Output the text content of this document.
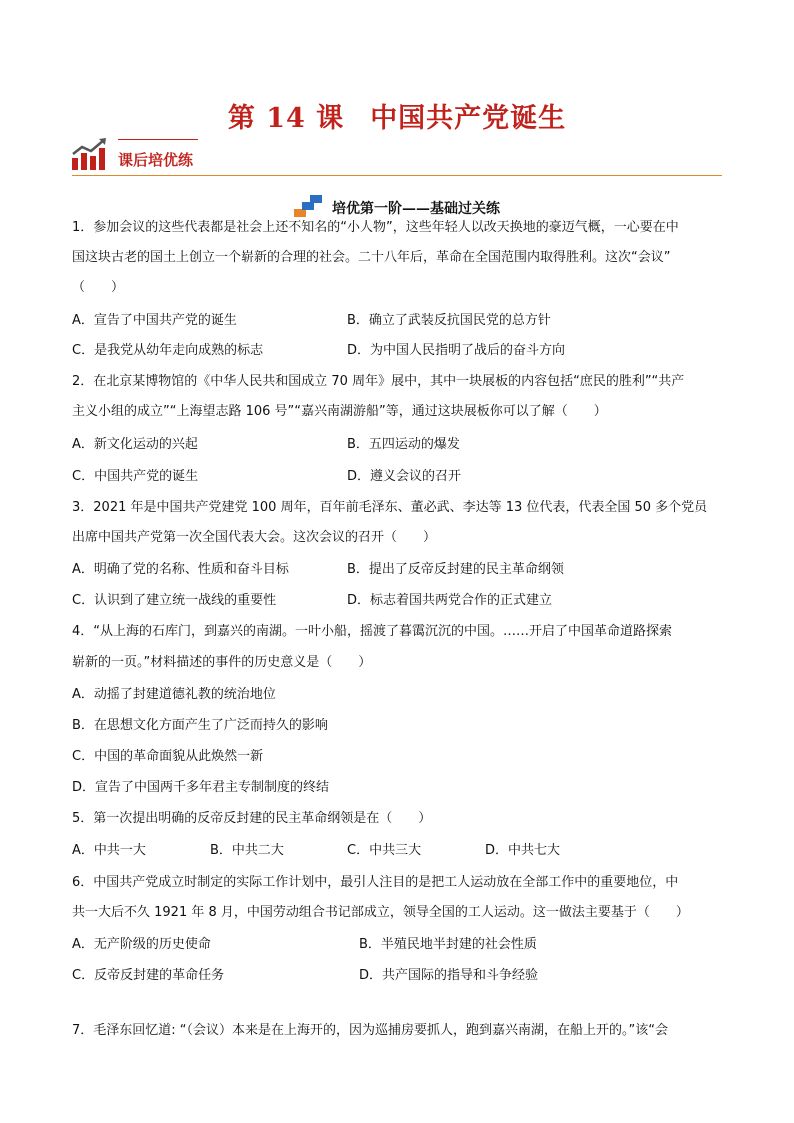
第 14 课 中国共产党诞生
课后培优练
培优第一阶——基础过关练
1．参加会议的这些代表都是社会上还不知名的“小人物”，这些年轻人以改天换地的豪迈气概，一心要在中
国这块古老的国土上创立一个崭新的合理的社会。二十八年后，革命在全国范围内取得胜利。这次“会议”
（　　）
A．宣告了中国共产党的诞生	B．确立了武装反抗国民党的总方针
C．是我党从幼年走向成熟的标志	D．为中国人民指明了战后的奋斗方向
2．在北京某博物馆的《中华人民共和国成立 70 周年》展中，其中一块展板的内容包括“庶民的胜利”“共产
主义小组的成立”“上海望志路 106 号”“嘉兴南湖游船”等，通过这块展板你可以了解（　　）
A．新文化运动的兴起	B．五四运动的爆发
C．中国共产党的诞生	D．遵义会议的召开
3．2021 年是中国共产党建党 100 周年，百年前毛泽东、董必武、李达等 13 位代表，代表全国 50 多个党员
出席中国共产党第一次全国代表大会。这次会议的召开（　　）
A．明确了党的名称、性质和奋斗目标	B．提出了反帝反封建的民主革命纲领
C．认识到了建立统一战线的重要性	D．标志着国共两党合作的正式建立
4．“从上海的石库门，到嘉兴的南湖。一叶小船，摇渡了暮霭沉沉的中国。……开启了中国革命道路探索
崭新的一页。”材料描述的事件的历史意义是（　　）
A．动摇了封建道德礼教的统治地位
B．在思想文化方面产生了广泛而持久的影响
C．中国的革命面貌从此焕然一新
D．宣告了中国两千多年君主专制制度的终结
5．第一次提出明确的反帝反封建的民主革命纲领是在（　　）
A．中共一大	B．中共二大	C．中共三大	D．中共七大
6．中国共产党成立时制定的实际工作计划中，最引人注目的是把工人运动放在全部工作中的重要地位，中
共一大后不久 1921 年 8 月，中国劳动组合书记部成立，领导全国的工人运动。这一做法主要基于（　　）
A．无产阶级的历史使命	B．半殖民地半封建的社会性质
C．反帝反封建的革命任务	D．共产国际的指导和斗争经验
7．毛泽东回忆道: “（会议）本来是在上海开的，因为巡捕房要抓人，跑到嘉兴南湖，在船上开的。”该“会
